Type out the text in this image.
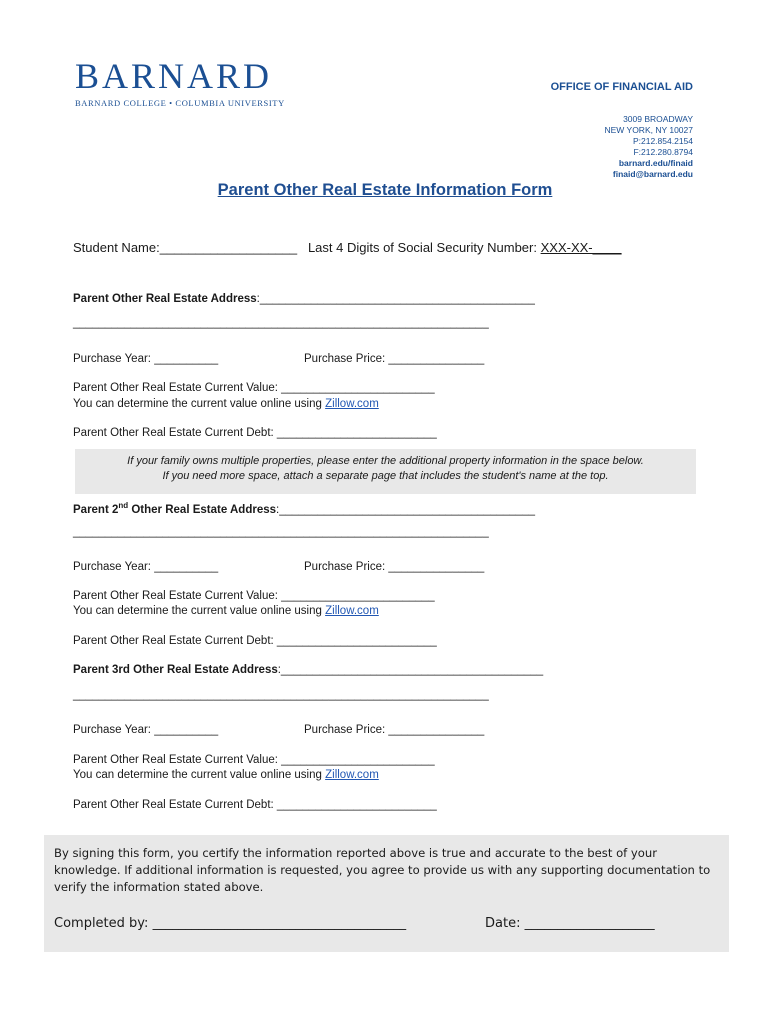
BARNARD
BARNARD COLLEGE • COLUMBIA UNIVERSITY
OFFICE OF FINANCIAL AID
3009 BROADWAY
NEW YORK, NY 10027
P:212.854.2154
F:212.280.8794
barnard.edu/finaid
finaid@barnard.edu
Parent Other Real Estate Information Form
Student Name:___________________ Last 4 Digits of Social Security Number: XXX-XX-____
Parent Other Real Estate Address:___________________________________________
_________________________________________________________________
Purchase Year: __________	Purchase Price: _______________
Parent Other Real Estate Current Value: ________________________
You can determine the current value online using Zillow.com
Parent Other Real Estate Current Debt: _________________________
If your family owns multiple properties, please enter the additional property information in the space below.
If you need more space, attach a separate page that includes the student's name at the top.
Parent 2nd Other Real Estate Address:________________________________________
_________________________________________________________________
Purchase Year: __________	Purchase Price: _______________
Parent Other Real Estate Current Value: ________________________
You can determine the current value online using Zillow.com
Parent Other Real Estate Current Debt: _________________________
Parent 3rd Other Real Estate Address:_________________________________________
_________________________________________________________________
Purchase Year: __________	Purchase Price: _______________
Parent Other Real Estate Current Value: ________________________
You can determine the current value online using Zillow.com
Parent Other Real Estate Current Debt: _________________________
By signing this form, you certify the information reported above is true and accurate to the best of your knowledge. If additional information is requested, you agree to provide us with any supporting documentation to verify the information stated above.
Completed by: _______________________________________	Date: ____________________
